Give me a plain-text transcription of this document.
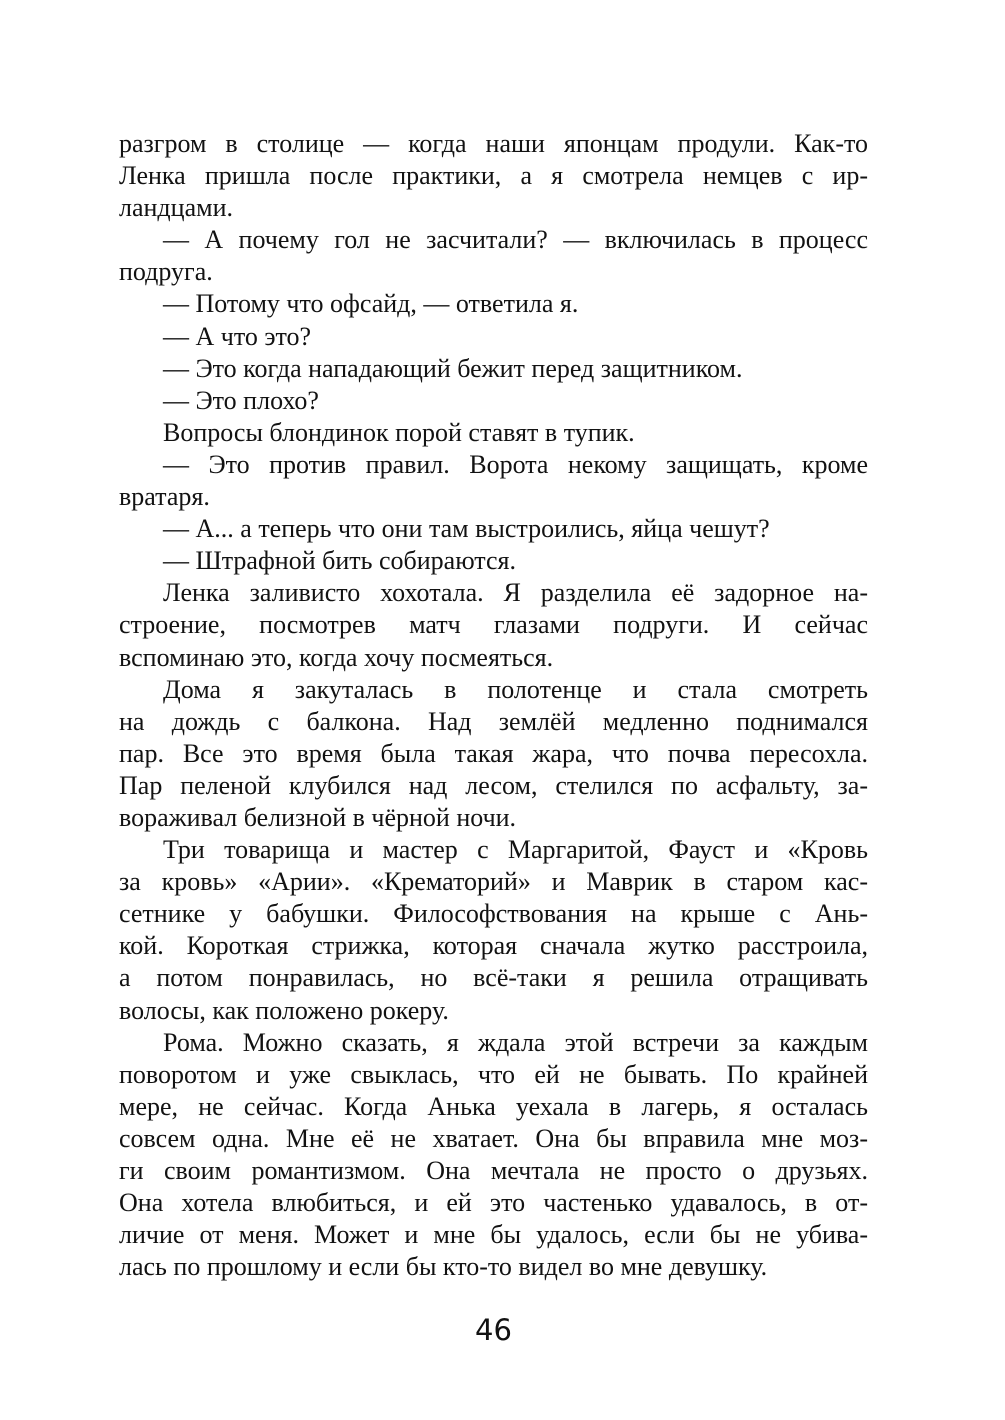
разгром в столице — когда наши японцам продули. Как-то
Ленка пришла после практики, а я смотрела немцев с ир-
ландцами.
— А почему гол не засчитали? — включилась в процесс
подруга.
— Потому что офсайд, — ответила я.
— А что это?
— Это когда нападающий бежит перед защитником.
— Это плохо?
Вопросы блондинок порой ставят в тупик.
— Это против правил. Ворота некому защищать, кроме
вратаря.
— А... а теперь что они там выстроились, яйца чешут?
— Штрафной бить собираются.
Ленка заливисто хохотала. Я разделила её задорное на-
строение, посмотрев матч глазами подруги. И сейчас
вспоминаю это, когда хочу посмеяться.
Дома я закуталась в полотенце и стала смотреть
на дождь с балкона. Над землёй медленно поднимался
пар. Все это время была такая жара, что почва пересохла.
Пар пеленой клубился над лесом, стелился по асфальту, за-
вораживал белизной в чёрной ночи.
Три товарища и мастер с Маргаритой, Фауст и «Кровь
за кровь» «Арии». «Крематорий» и Маврик в старом кас-
сетнике у бабушки. Философствования на крыше с Ань-
кой. Короткая стрижка, которая сначала жутко расстроила,
а потом понравилась, но всё-таки я решила отращивать
волосы, как положено рокеру.
Рома. Можно сказать, я ждала этой встречи за каждым
поворотом и уже свыклась, что ей не бывать. По крайней
мере, не сейчас. Когда Анька уехала в лагерь, я осталась
совсем одна. Мне её не хватает. Она бы вправила мне моз-
ги своим романтизмом. Она мечтала не просто о друзьях.
Она хотела влюбиться, и ей это частенько удавалось, в от-
личие от меня. Может и мне бы удалось, если бы не убива-
лась по прошлому и если бы кто-то видел во мне девушку.
46
